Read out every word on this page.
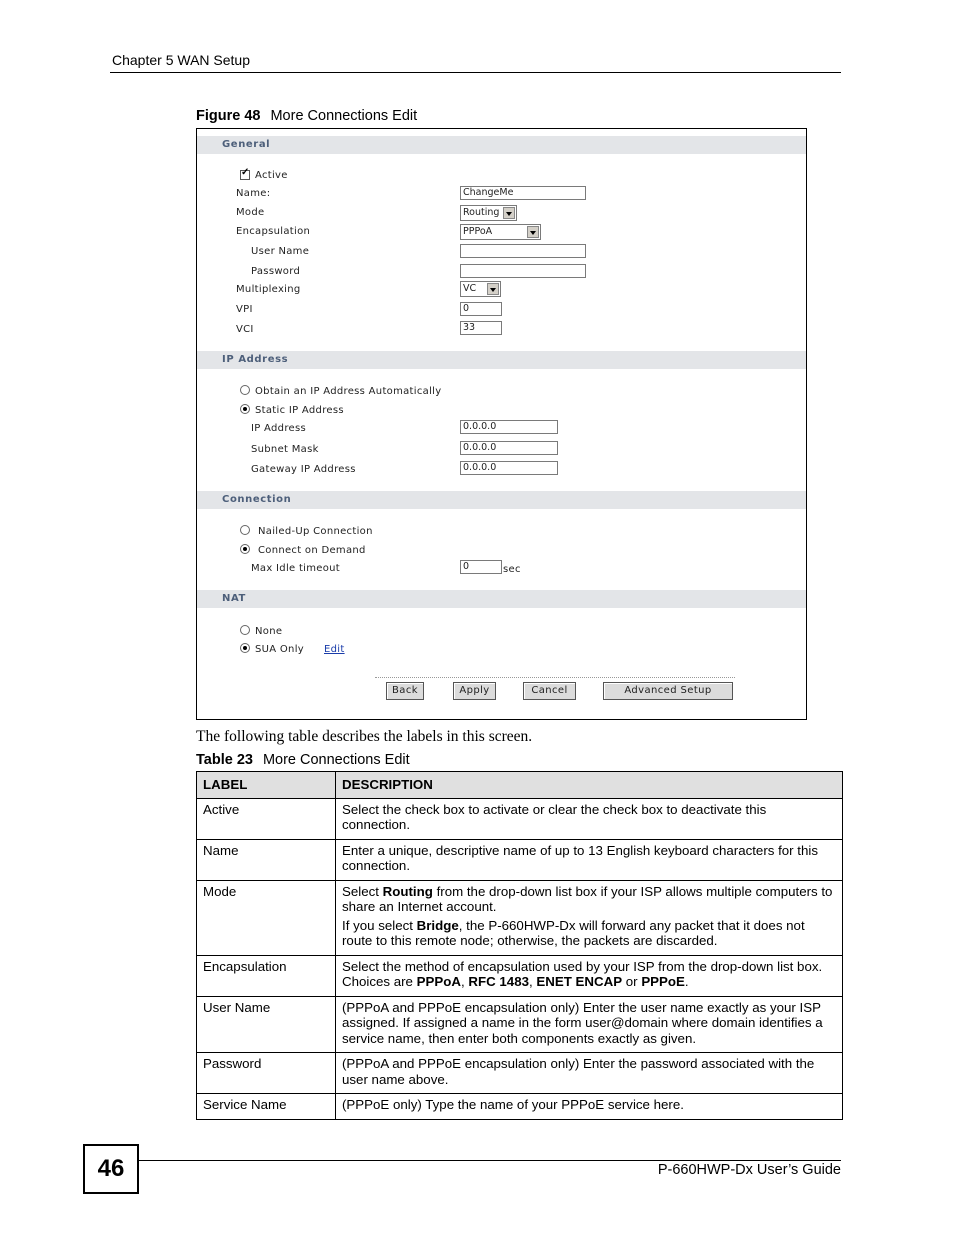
Chapter 5 WAN Setup
Figure 48 More Connections Edit
General
✓
Active
Name:	ChangeMe
Mode	Routing
Encapsulation	PPPoA
User Name
Password
Multiplexing	VC
VPI	0
VCI	33
IP Address
Obtain an IP Address Automatically
Static IP Address
IP Address	0.0.0.0
Subnet Mask	0.0.0.0
Gateway IP Address	0.0.0.0
Connection
Nailed-Up Connection
Connect on Demand
Max Idle timeout	0	sec
NAT
None
SUA Only Edit
Back	Apply	Cancel	Advanced Setup
The following table describes the labels in this screen.
Table 23 More Connections Edit
LABEL	DESCRIPTION
Active	Select the check box to activate or clear the check box to deactivate this connection.
Name	Enter a unique, descriptive name of up to 13 English keyboard characters for this connection.
Mode	Select Routing from the drop-down list box if your ISP allows multiple computers to share an Internet account.

If you select Bridge, the P-660HWP-Dx will forward any packet that it does not route to this remote node; otherwise, the packets are discarded.

Encapsulation	Select the method of encapsulation used by your ISP from the drop-down list box. Choices are PPPoA, RFC 1483, ENET ENCAP or PPPoE.
User Name	(PPPoA and PPPoE encapsulation only) Enter the user name exactly as your ISP assigned. If assigned a name in the form user@domain where domain identifies a service name, then enter both components exactly as given.
Password	(PPPoA and PPPoE encapsulation only) Enter the password associated with the user name above.
Service Name	(PPPoE only) Type the name of your PPPoE service here.
46	P-660HWP-Dx User’s Guide
